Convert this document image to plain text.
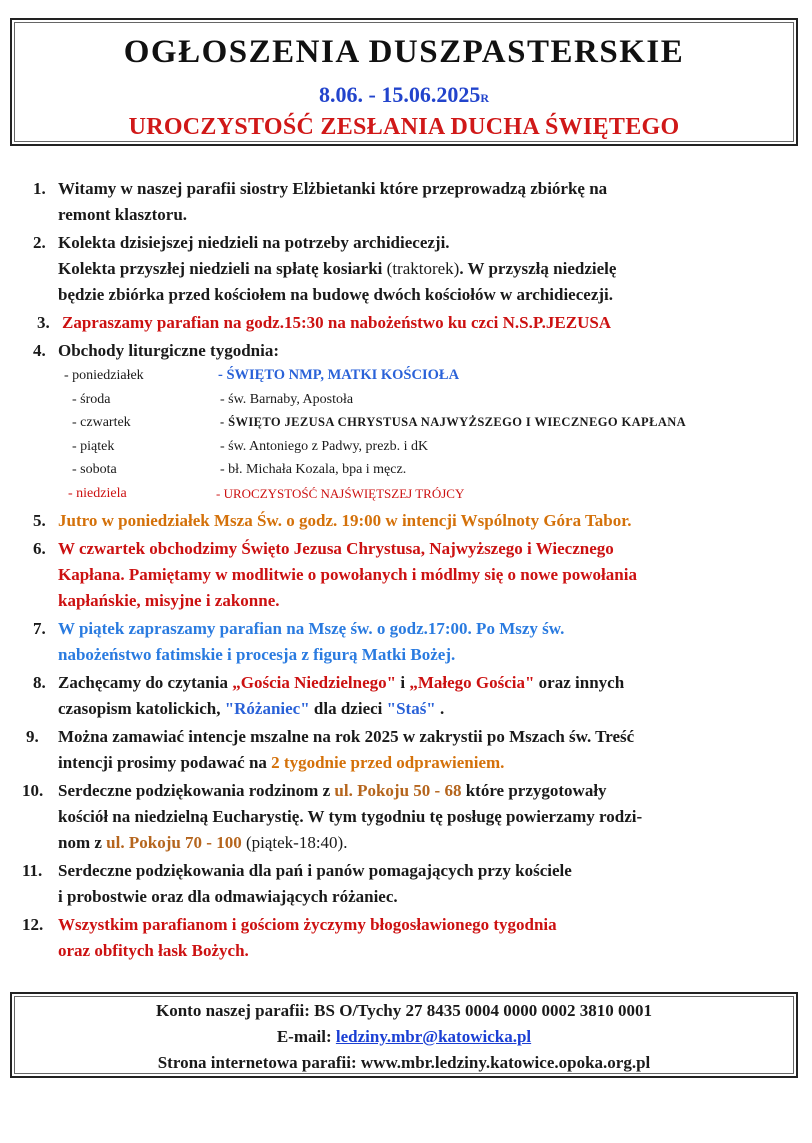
OGŁOSZENIA DUSZPASTERSKIE
8.06. - 15.06.2025R
UROCZYSTOŚĆ ZESŁANIA DUCHA ŚWIĘTEGO
1. Witamy w naszej parafii siostry Elżbietanki które przeprowadzą zbiórkę na
remont klasztoru.
2. Kolekta dzisiejszej niedzieli na potrzeby archidiecezji.
Kolekta przyszłej niedzieli na spłatę kosiarki (traktorek). W przyszłą niedzielę
będzie zbiórka przed kościołem na budowę dwóch kościołów w archidiecezji.
3. Zapraszamy parafian na godz.15:30 na nabożeństwo ku czci N.S.P.JEZUSA
4. Obchody liturgiczne tygodnia:
- poniedziałek	- ŚWIĘTO NMP, MATKI KOŚCIOŁA
- środa	- św. Barnaby, Apostoła
- czwartek	- ŚWIĘTO JEZUSA CHRYSTUSA NAJWYŻSZEGO I WIECZNEGO KAPŁANA
- piątek	- św. Antoniego z Padwy, prezb. i dK
- sobota	- bł. Michała Kozala, bpa i męcz.
- niedziela	- UROCZYSTOŚĆ NAJŚWIĘTSZEJ TRÓJCY
5. Jutro w poniedziałek Msza Św. o godz. 19:00 w intencji Wspólnoty Góra Tabor.
6. W czwartek obchodzimy Święto Jezusa Chrystusa, Najwyższego i Wiecznego
Kapłana. Pamiętamy w modlitwie o powołanych i módlmy się o nowe powołania
kapłańskie, misyjne i zakonne.
7. W piątek zapraszamy parafian na Mszę św. o godz.17:00. Po Mszy św.
nabożeństwo fatimskie i procesja z figurą Matki Bożej.
8. Zachęcamy do czytania „Gościa Niedzielnego" i „Małego Gościa" oraz innych
czasopism katolickich, "Różaniec" dla dzieci "Staś" .
9. Można zamawiać intencje mszalne na rok 2025 w zakrystii po Mszach św. Treść
intencji prosimy podawać na 2 tygodnie przed odprawieniem.
10. Serdeczne podziękowania rodzinom z ul. Pokoju 50 - 68 które przygotowały
kościół na niedzielną Eucharystię. W tym tygodniu tę posługę powierzamy rodzi-
nom z ul. Pokoju 70 - 100 (piątek-18:40).
11. Serdeczne podziękowania dla pań i panów pomagających przy kościele
i probostwie oraz dla odmawiających różaniec.
12. Wszystkim parafianom i gościom życzymy błogosławionego tygodnia
oraz obfitych łask Bożych.
Konto naszej parafii: BS O/Tychy 27 8435 0004 0000 0002 3810 0001
E-mail: ledziny.mbr@katowicka.pl
Strona internetowa parafii: www.mbr.ledziny.katowice.opoka.org.pl
